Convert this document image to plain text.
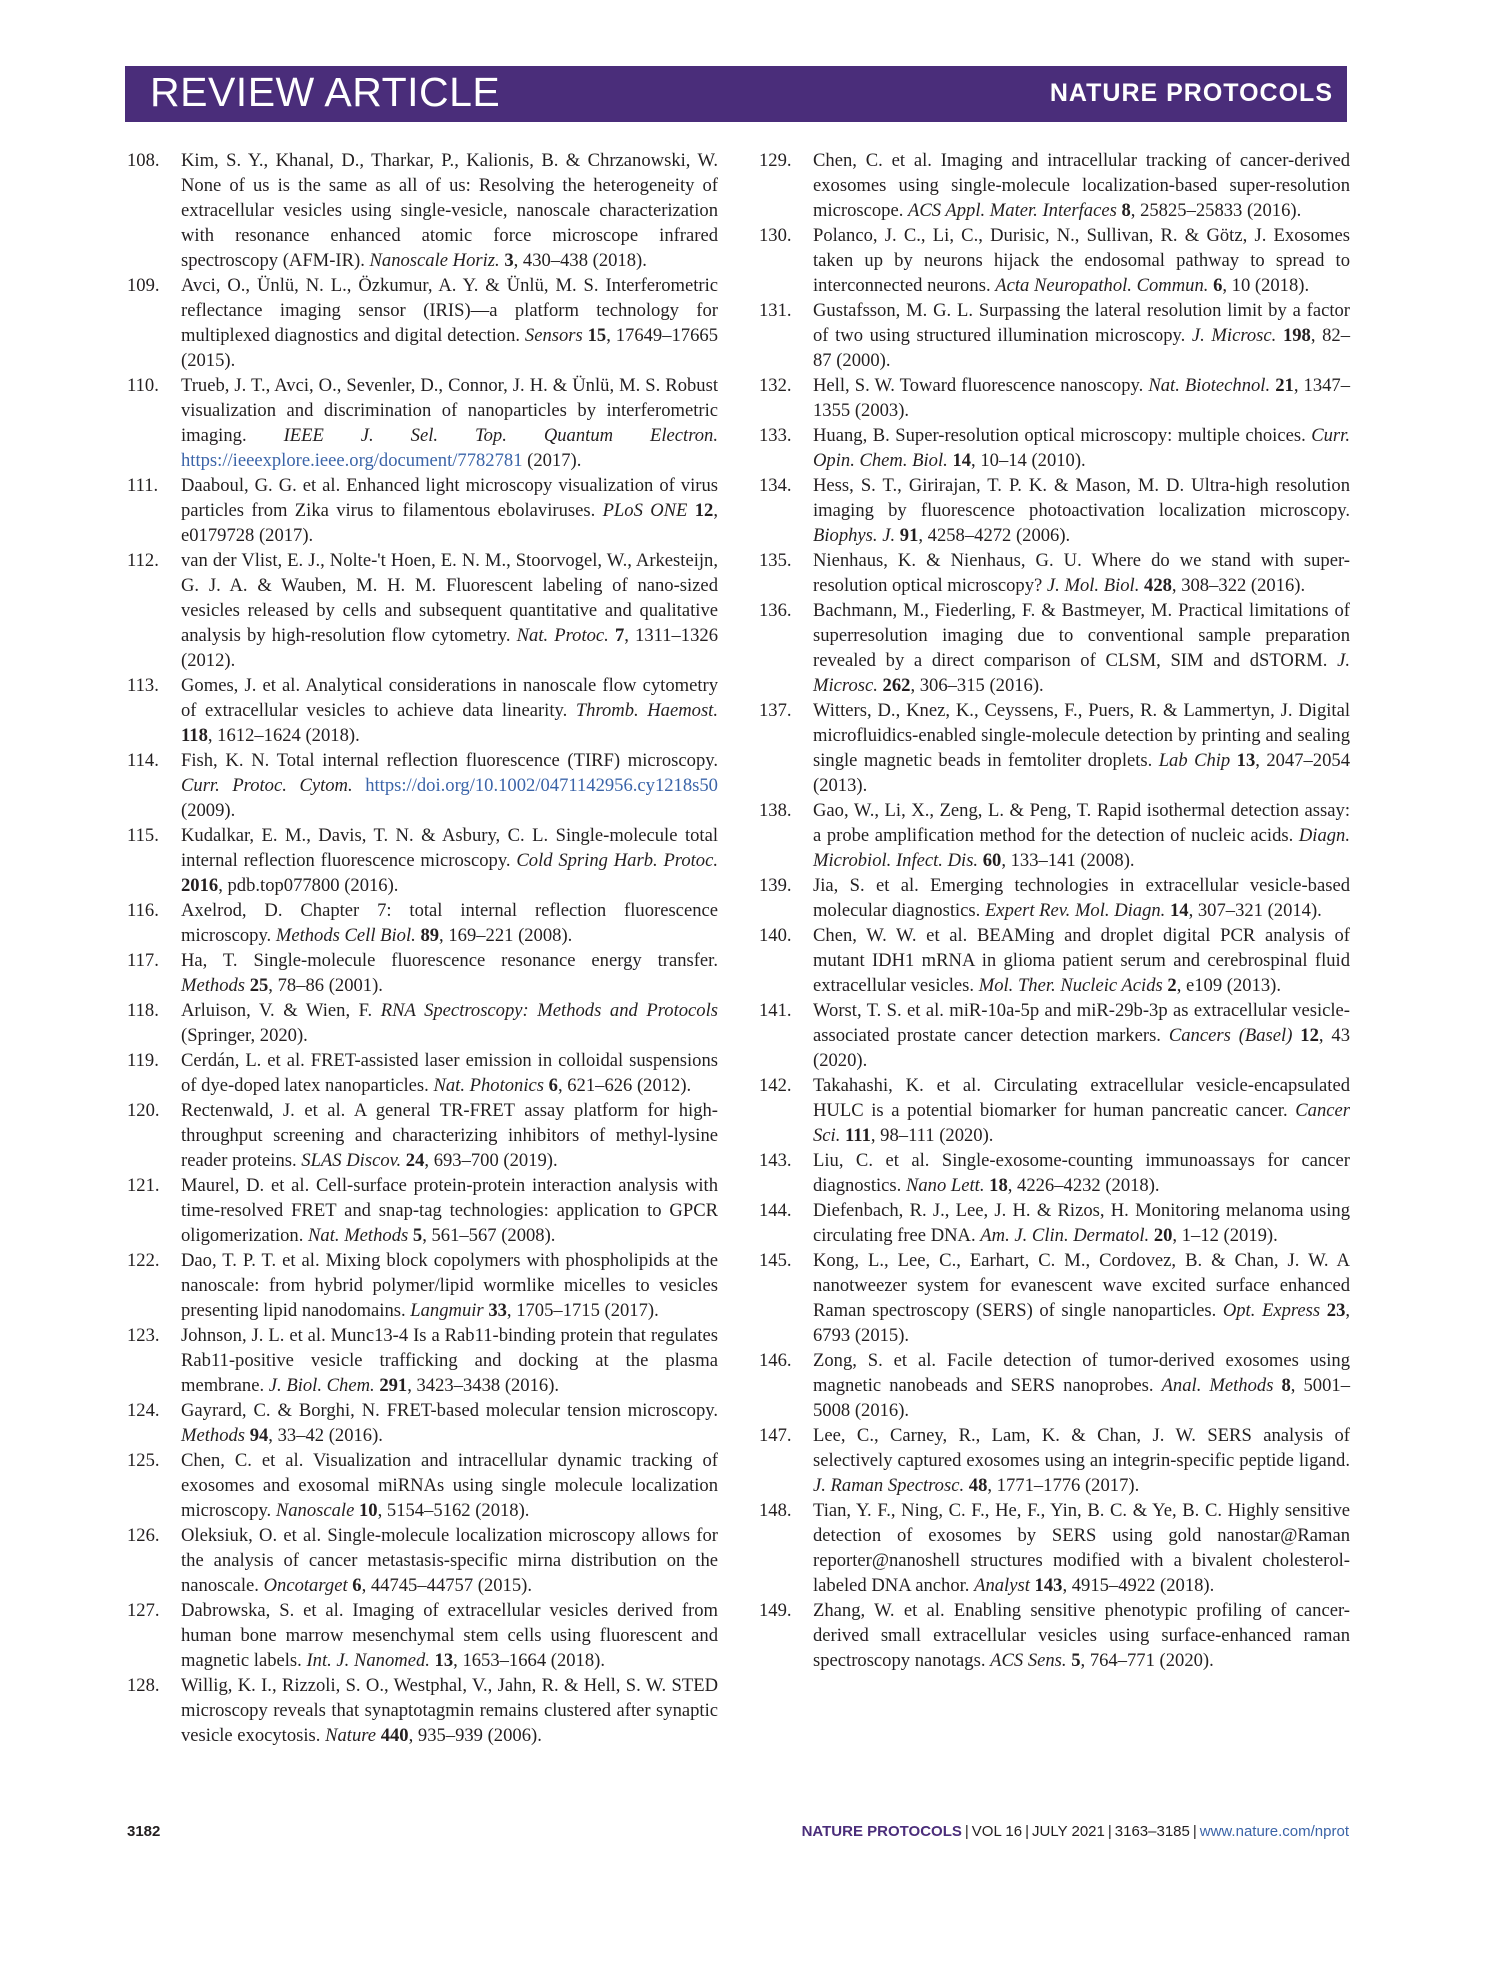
REVIEW ARTICLE	NATURE PROTOCOLS
108. Kim, S. Y., Khanal, D., Tharkar, P., Kalionis, B. & Chrzanowski, W. None of us is the same as all of us: Resolving the heterogeneity of extracellular vesicles using single-vesicle, nanoscale characterization with resonance enhanced atomic force microscope infrared spectroscopy (AFM-IR). Nanoscale Horiz. 3, 430–438 (2018).
109. Avci, O., Ünlü, N. L., Özkumur, A. Y. & Ünlü, M. S. Interferometric reflectance imaging sensor (IRIS)—a platform technology for multiplexed diagnostics and digital detection. Sensors 15, 17649–17665 (2015).
110. Trueb, J. T., Avci, O., Sevenler, D., Connor, J. H. & Ünlü, M. S. Robust visualization and discrimination of nanoparticles by interferometric imaging. IEEE J. Sel. Top. Quantum Electron. https://ieeexplore.ieee.org/document/7782781 (2017).
111. Daaboul, G. G. et al. Enhanced light microscopy visualization of virus particles from Zika virus to filamentous ebolaviruses. PLoS ONE 12, e0179728 (2017).
112. van der Vlist, E. J., Nolte-'t Hoen, E. N. M., Stoorvogel, W., Arkesteijn, G. J. A. & Wauben, M. H. M. Fluorescent labeling of nano-sized vesicles released by cells and subsequent quantitative and qualitative analysis by high-resolution flow cytometry. Nat. Protoc. 7, 1311–1326 (2012).
113. Gomes, J. et al. Analytical considerations in nanoscale flow cytometry of extracellular vesicles to achieve data linearity. Thromb. Haemost. 118, 1612–1624 (2018).
114. Fish, K. N. Total internal reflection fluorescence (TIRF) microscopy. Curr. Protoc. Cytom. https://doi.org/10.1002/0471142956.cy1218s50 (2009).
115. Kudalkar, E. M., Davis, T. N. & Asbury, C. L. Single-molecule total internal reflection fluorescence microscopy. Cold Spring Harb. Protoc. 2016, pdb.top077800 (2016).
116. Axelrod, D. Chapter 7: total internal reflection fluorescence microscopy. Methods Cell Biol. 89, 169–221 (2008).
117. Ha, T. Single-molecule fluorescence resonance energy transfer. Methods 25, 78–86 (2001).
118. Arluison, V. & Wien, F. RNA Spectroscopy: Methods and Protocols (Springer, 2020).
119. Cerdán, L. et al. FRET-assisted laser emission in colloidal suspensions of dye-doped latex nanoparticles. Nat. Photonics 6, 621–626 (2012).
120. Rectenwald, J. et al. A general TR-FRET assay platform for high-throughput screening and characterizing inhibitors of methyl-lysine reader proteins. SLAS Discov. 24, 693–700 (2019).
121. Maurel, D. et al. Cell-surface protein-protein interaction analysis with time-resolved FRET and snap-tag technologies: application to GPCR oligomerization. Nat. Methods 5, 561–567 (2008).
122. Dao, T. P. T. et al. Mixing block copolymers with phospholipids at the nanoscale: from hybrid polymer/lipid wormlike micelles to vesicles presenting lipid nanodomains. Langmuir 33, 1705–1715 (2017).
123. Johnson, J. L. et al. Munc13-4 Is a Rab11-binding protein that regulates Rab11-positive vesicle trafficking and docking at the plasma membrane. J. Biol. Chem. 291, 3423–3438 (2016).
124. Gayrard, C. & Borghi, N. FRET-based molecular tension microscopy. Methods 94, 33–42 (2016).
125. Chen, C. et al. Visualization and intracellular dynamic tracking of exosomes and exosomal miRNAs using single molecule localization microscopy. Nanoscale 10, 5154–5162 (2018).
126. Oleksiuk, O. et al. Single-molecule localization microscopy allows for the analysis of cancer metastasis-specific mirna distribution on the nanoscale. Oncotarget 6, 44745–44757 (2015).
127. Dabrowska, S. et al. Imaging of extracellular vesicles derived from human bone marrow mesenchymal stem cells using fluorescent and magnetic labels. Int. J. Nanomed. 13, 1653–1664 (2018).
128. Willig, K. I., Rizzoli, S. O., Westphal, V., Jahn, R. & Hell, S. W. STED microscopy reveals that synaptotagmin remains clustered after synaptic vesicle exocytosis. Nature 440, 935–939 (2006).
129. Chen, C. et al. Imaging and intracellular tracking of cancer-derived exosomes using single-molecule localization-based super-resolution microscope. ACS Appl. Mater. Interfaces 8, 25825–25833 (2016).
130. Polanco, J. C., Li, C., Durisic, N., Sullivan, R. & Götz, J. Exosomes taken up by neurons hijack the endosomal pathway to spread to interconnected neurons. Acta Neuropathol. Commun. 6, 10 (2018).
131. Gustafsson, M. G. L. Surpassing the lateral resolution limit by a factor of two using structured illumination microscopy. J. Microsc. 198, 82–87 (2000).
132. Hell, S. W. Toward fluorescence nanoscopy. Nat. Biotechnol. 21, 1347–1355 (2003).
133. Huang, B. Super-resolution optical microscopy: multiple choices. Curr. Opin. Chem. Biol. 14, 10–14 (2010).
134. Hess, S. T., Girirajan, T. P. K. & Mason, M. D. Ultra-high resolution imaging by fluorescence photoactivation localization microscopy. Biophys. J. 91, 4258–4272 (2006).
135. Nienhaus, K. & Nienhaus, G. U. Where do we stand with super-resolution optical microscopy? J. Mol. Biol. 428, 308–322 (2016).
136. Bachmann, M., Fiederling, F. & Bastmeyer, M. Practical limitations of superresolution imaging due to conventional sample preparation revealed by a direct comparison of CLSM, SIM and dSTORM. J. Microsc. 262, 306–315 (2016).
137. Witters, D., Knez, K., Ceyssens, F., Puers, R. & Lammertyn, J. Digital microfluidics-enabled single-molecule detection by printing and sealing single magnetic beads in femtoliter droplets. Lab Chip 13, 2047–2054 (2013).
138. Gao, W., Li, X., Zeng, L. & Peng, T. Rapid isothermal detection assay: a probe amplification method for the detection of nucleic acids. Diagn. Microbiol. Infect. Dis. 60, 133–141 (2008).
139. Jia, S. et al. Emerging technologies in extracellular vesicle-based molecular diagnostics. Expert Rev. Mol. Diagn. 14, 307–321 (2014).
140. Chen, W. W. et al. BEAMing and droplet digital PCR analysis of mutant IDH1 mRNA in glioma patient serum and cerebrospinal fluid extracellular vesicles. Mol. Ther. Nucleic Acids 2, e109 (2013).
141. Worst, T. S. et al. miR-10a-5p and miR-29b-3p as extracellular vesicle-associated prostate cancer detection markers. Cancers (Basel) 12, 43 (2020).
142. Takahashi, K. et al. Circulating extracellular vesicle-encapsulated HULC is a potential biomarker for human pancreatic cancer. Cancer Sci. 111, 98–111 (2020).
143. Liu, C. et al. Single-exosome-counting immunoassays for cancer diagnostics. Nano Lett. 18, 4226–4232 (2018).
144. Diefenbach, R. J., Lee, J. H. & Rizos, H. Monitoring melanoma using circulating free DNA. Am. J. Clin. Dermatol. 20, 1–12 (2019).
145. Kong, L., Lee, C., Earhart, C. M., Cordovez, B. & Chan, J. W. A nanotweezer system for evanescent wave excited surface enhanced Raman spectroscopy (SERS) of single nanoparticles. Opt. Express 23, 6793 (2015).
146. Zong, S. et al. Facile detection of tumor-derived exosomes using magnetic nanobeads and SERS nanoprobes. Anal. Methods 8, 5001–5008 (2016).
147. Lee, C., Carney, R., Lam, K. & Chan, J. W. SERS analysis of selectively captured exosomes using an integrin-specific peptide ligand. J. Raman Spectrosc. 48, 1771–1776 (2017).
148. Tian, Y. F., Ning, C. F., He, F., Yin, B. C. & Ye, B. C. Highly sensitive detection of exosomes by SERS using gold nanostar@Raman reporter@nanoshell structures modified with a bivalent cholesterol-labeled DNA anchor. Analyst 143, 4915–4922 (2018).
149. Zhang, W. et al. Enabling sensitive phenotypic profiling of cancer-derived small extracellular vesicles using surface-enhanced raman spectroscopy nanotags. ACS Sens. 5, 764–771 (2020).
3182	NATURE PROTOCOLS | VOL 16 | JULY 2021 | 3163–3185 | www.nature.com/nprot
